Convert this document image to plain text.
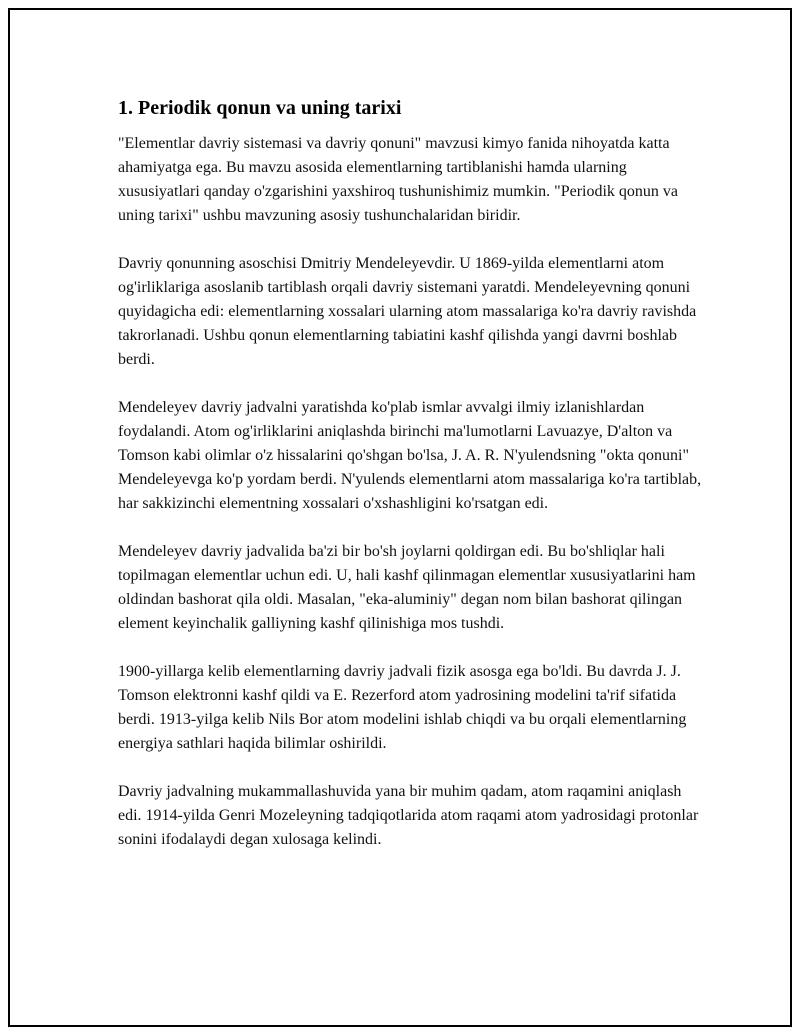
1. Periodik qonun va uning tarixi

"Elementlar davriy sistemasi va davriy qonuni" mavzusi kimyo fanida nihoyatda katta ahamiyatga ega. Bu mavzu asosida elementlarning tartiblanishi hamda ularning xususiyatlari qanday o'zgarishini yaxshiroq tushunishimiz mumkin. "Periodik qonun va uning tarixi" ushbu mavzuning asosiy tushunchalaridan biridir.

Davriy qonunning asoschisi Dmitriy Mendeleyevdir. U 1869-yilda elementlarni atom og'irliklariga asoslanib tartiblash orqali davriy sistemani yaratdi. Mendeleyevning qonuni quyidagicha edi: elementlarning xossalari ularning atom massalariga ko'ra davriy ravishda takrorlanadi. Ushbu qonun elementlarning tabiatini kashf qilishda yangi davrni boshlab berdi.

Mendeleyev davriy jadvalni yaratishda ko'plab ismlar avvalgi ilmiy izlanishlardan foydalandi. Atom og'irliklarini aniqlashda birinchi ma'lumotlarni Lavuazye, D'alton va Tomson kabi olimlar o'z hissalarini qo'shgan bo'lsa, J. A. R. N'yulendsning "okta qonuni" Mendeleyevga ko'p yordam berdi. N'yulends elementlarni atom massalariga ko'ra tartiblab, har sakkizinchi elementning xossalari o'xshashligini ko'rsatgan edi.

Mendeleyev davriy jadvalida ba'zi bir bo'sh joylarni qoldirgan edi. Bu bo'shliqlar hali topilmagan elementlar uchun edi. U, hali kashf qilinmagan elementlar xususiyatlarini ham oldindan bashorat qila oldi. Masalan, "eka-aluminiy" degan nom bilan bashorat qilingan element keyinchalik galliyning kashf qilinishiga mos tushdi.

1900-yillarga kelib elementlarning davriy jadvali fizik asosga ega bo'ldi. Bu davrda J. J. Tomson elektronni kashf qildi va E. Rezerford atom yadrosining modelini ta'rif sifatida berdi. 1913-yilga kelib Nils Bor atom modelini ishlab chiqdi va bu orqali elementlarning energiya sathlari haqida bilimlar oshirildi.

Davriy jadvalning mukammallashuvida yana bir muhim qadam, atom raqamini aniqlash edi. 1914-yilda Genri Mozeleyning tadqiqotlarida atom raqami atom yadrosidagi protonlar sonini ifodalaydi degan xulosaga kelindi.
